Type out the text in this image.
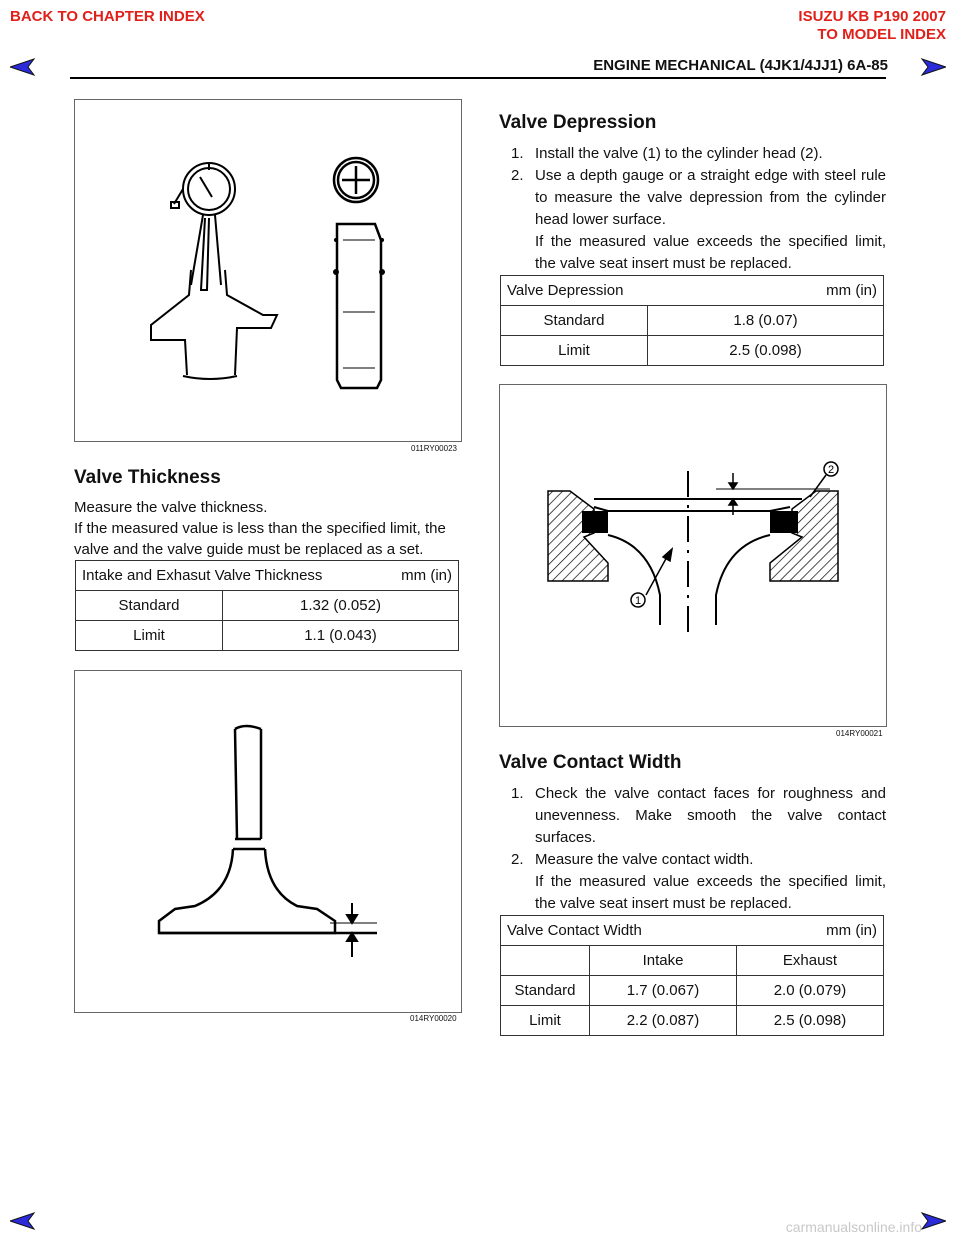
BACK TO CHAPTER INDEX	ISUZU KB P190 2007
TO MODEL INDEX
ENGINE MECHANICAL (4JK1/4JJ1) 6A-85
011RY00023
Valve Thickness
Measure the valve thickness.
If the measured value is less than the specified limit, the valve and the valve guide must be replaced as a set.
Intake and Exhasut Valve Thickness mm (in)	

Standard	1.32 (0.052)
Limit	1.1 (0.043)
014RY00020
Valve Depression
1. Install the valve (1) to the cylinder head (2).
2. Use a depth gauge or a straight edge with steel rule to measure the valve depression from the cylinder head lower surface.
If the measured value exceeds the specified limit, the valve seat insert must be replaced.
Valve Depression mm (in)	

Standard	1.8 (0.07)
Limit	2.5 (0.098)
1
2
014RY00021
Valve Contact Width
1. Check the valve contact faces for roughness and unevenness. Make smooth the valve contact surfaces.
2. Measure the valve contact width.
If the measured value exceeds the specified limit, the valve seat insert must be replaced.
Valve Contact Width mm (in)		

	Intake	Exhaust
Standard	1.7 (0.067)	2.0 (0.079)
Limit	2.2 (0.087)	2.5 (0.098)
carmanualsonline.info
